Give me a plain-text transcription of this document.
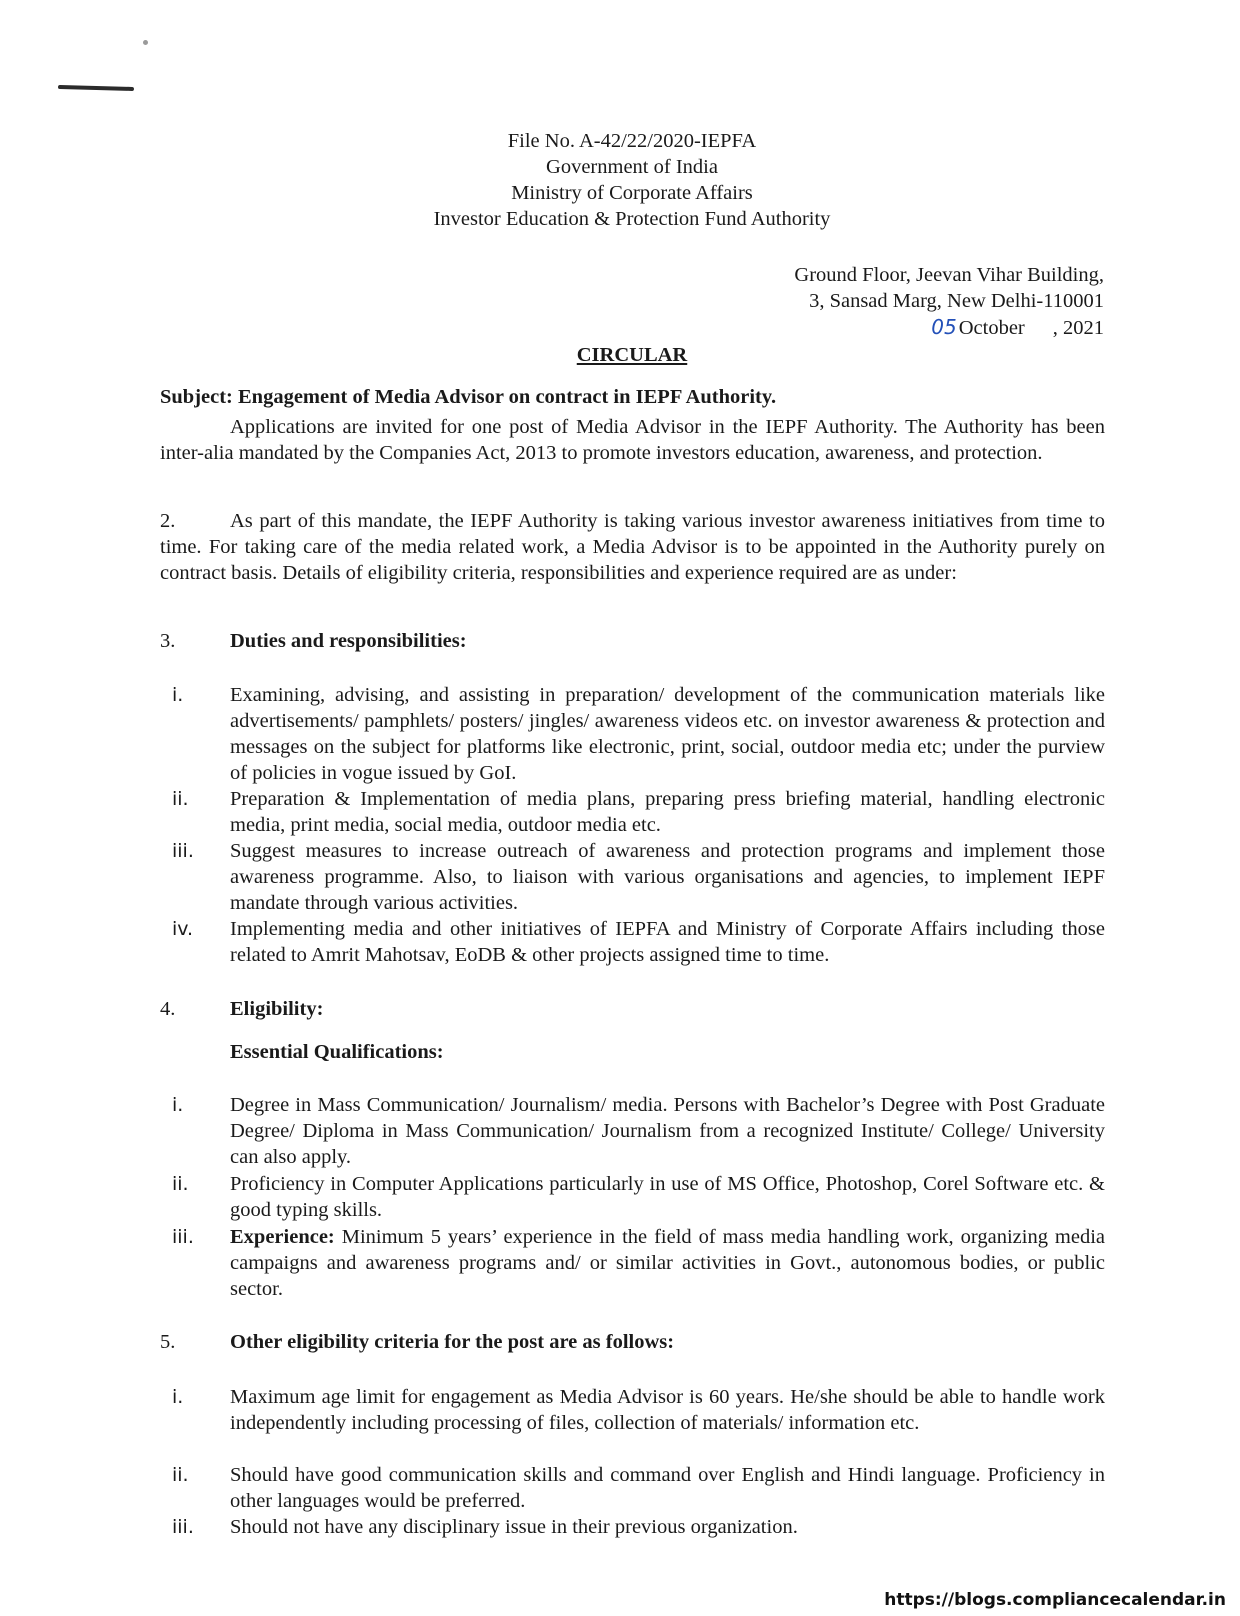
File No. A-42/22/2020-IEPFA
Government of India
Ministry of Corporate Affairs
Investor Education & Protection Fund Authority
Ground Floor, Jeevan Vihar Building,
3, Sansad Marg, New Delhi-110001
05October , 2021
CIRCULAR
Subject: Engagement of Media Advisor on contract in IEPF Authority.
Applications are invited for one post of Media Advisor in the IEPF Authority. The Authority has been inter-alia mandated by the Companies Act, 2013 to promote investors education, awareness, and protection.
2.	As part of this mandate, the IEPF Authority is taking various investor awareness initiatives from time to time. For taking care of the media related work, a Media Advisor is to be appointed in the Authority purely on contract basis. Details of eligibility criteria, responsibilities and experience required are as under:
3.	Duties and responsibilities:
i.	Examining, advising, and assisting in preparation/ development of the communication materials like advertisements/ pamphlets/ posters/ jingles/ awareness videos etc. on investor awareness & protection and messages on the subject for platforms like electronic, print, social, outdoor media etc; under the purview of policies in vogue issued by GoI.
ii.	Preparation & Implementation of media plans, preparing press briefing material, handling electronic media, print media, social media, outdoor media etc.
iii.	Suggest measures to increase outreach of awareness and protection programs and implement those awareness programme. Also, to liaison with various organisations and agencies, to implement IEPF mandate through various activities.
iv.	Implementing media and other initiatives of IEPFA and Ministry of Corporate Affairs including those related to Amrit Mahotsav, EoDB & other projects assigned time to time.
4.	Eligibility:
Essential Qualifications:
i.	Degree in Mass Communication/ Journalism/ media. Persons with Bachelor’s Degree with Post Graduate Degree/ Diploma in Mass Communication/ Journalism from a recognized Institute/ College/ University can also apply.
ii.	Proficiency in Computer Applications particularly in use of MS Office, Photoshop, Corel Software etc. & good typing skills.
iii.	Experience: Minimum 5 years’ experience in the field of mass media handling work, organizing media campaigns and awareness programs and/ or similar activities in Govt., autonomous bodies, or public sector.
5.	Other eligibility criteria for the post are as follows:
i.	Maximum age limit for engagement as Media Advisor is 60 years. He/she should be able to handle work independently including processing of files, collection of materials/ information etc.
ii.	Should have good communication skills and command over English and Hindi language. Proficiency in other languages would be preferred.
iii.	Should not have any disciplinary issue in their previous organization.
https://blogs.compliancecalendar.in
